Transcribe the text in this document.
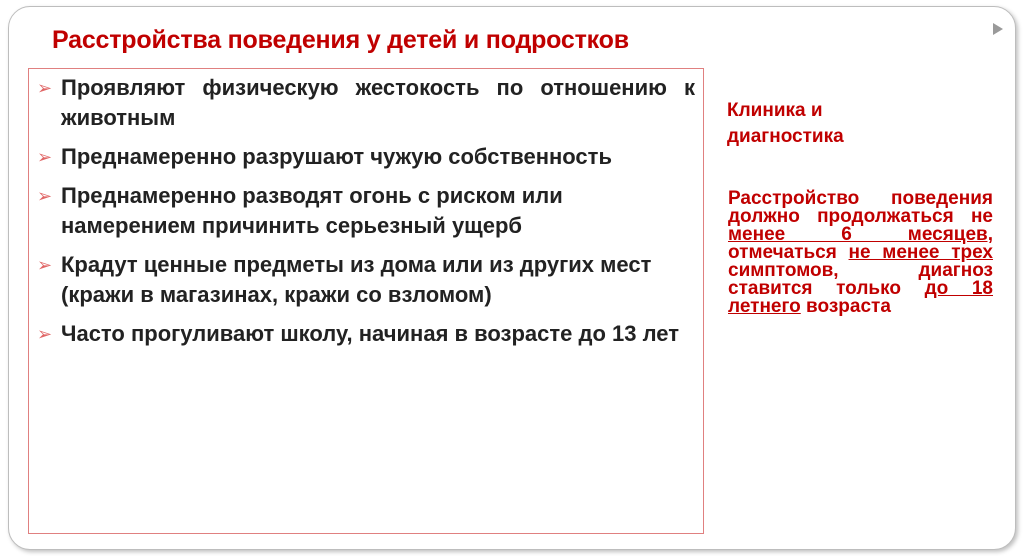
Расстройства поведения у детей и подростков
➢ Проявляют физическую жестокость по отношению к животным
➢ Преднамеренно разрушают чужую собственность
➢ Преднамеренно разводят огонь с риском или намерением причинить серьезный ущерб
➢ Крадут ценные предметы из дома или из других мест (кражи в магазинах, кражи со взломом)
➢ Часто прогуливают школу, начиная в возрасте до 13 лет
Клиника и диагностика
Расстройство поведения должно продолжаться не менее 6 месяцев, отмечаться не менее трех симптомов, диагноз ставится только до 18 летнего возраста
